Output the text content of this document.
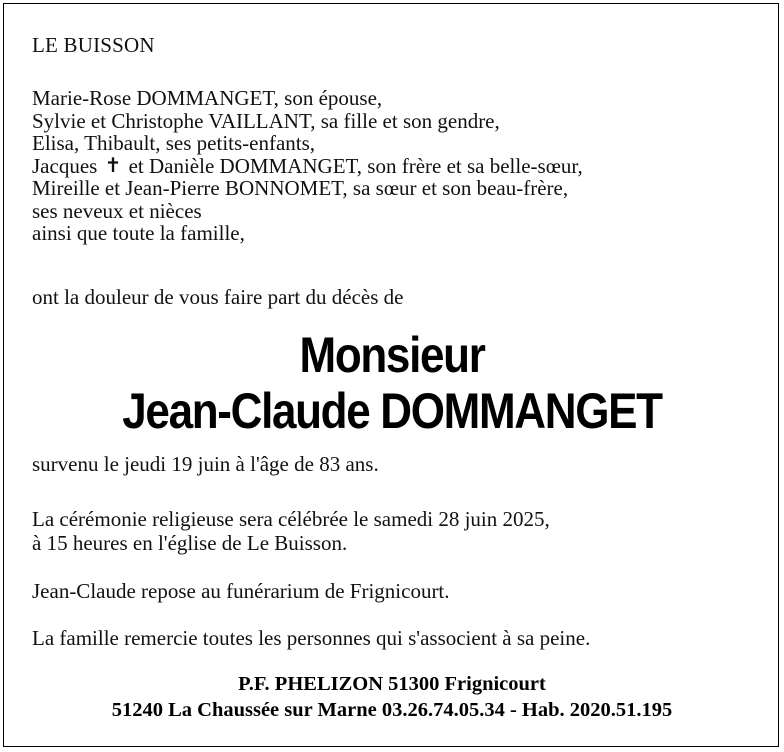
LE BUISSON
Marie-Rose DOMMANGET, son épouse,
Sylvie et Christophe VAILLANT, sa fille et son gendre,
Elisa, Thibault, ses petits-enfants,
Jacques ✝ et Danièle DOMMANGET, son frère et sa belle-sœur,
Mireille et Jean-Pierre BONNOMET, sa sœur et son beau-frère,
ses neveux et nièces
ainsi que toute la famille,
ont la douleur de vous faire part du décès de
Monsieur
Jean-Claude DOMMANGET
survenu le jeudi 19 juin à l'âge de 83 ans.
La cérémonie religieuse sera célébrée le samedi 28 juin 2025,
à 15 heures en l'église de Le Buisson.
Jean-Claude repose au funérarium de Frignicourt.
La famille remercie toutes les personnes qui s'associent à sa peine.
P.F. PHELIZON 51300 Frignicourt
51240 La Chaussée sur Marne 03.26.74.05.34 - Hab. 2020.51.195
